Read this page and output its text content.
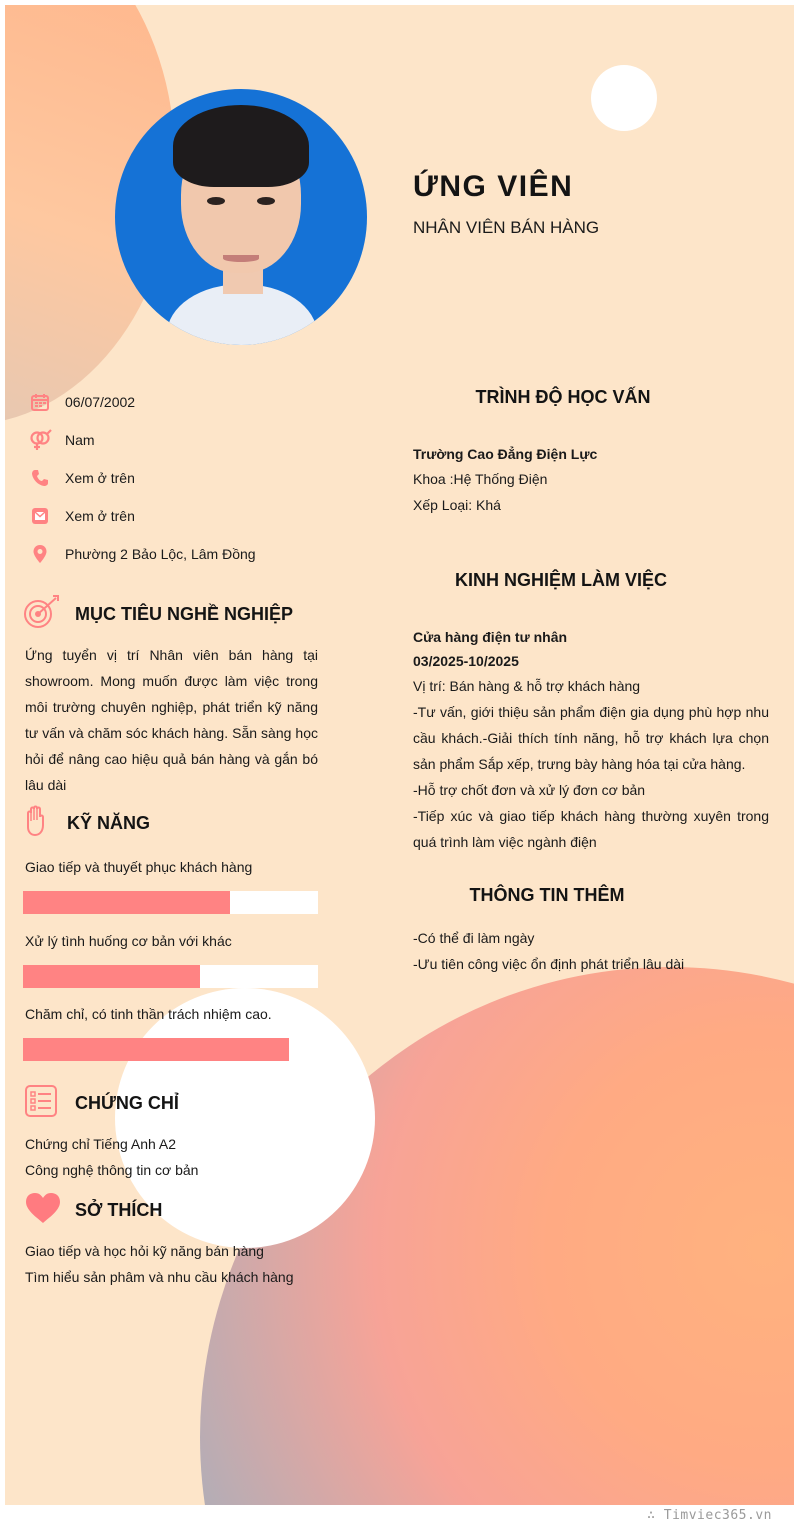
ỨNG VIÊN
NHÂN VIÊN BÁN HÀNG
06/07/2002
Nam
Xem ở trên
Xem ở trên
Phường 2 Bảo Lộc, Lâm Đồng
MỤC TIÊU NGHỀ NGHIỆP
Ứng tuyển vị trí Nhân viên bán hàng tại showroom. Mong muốn được làm việc trong môi trường chuyên nghiệp, phát triển kỹ năng tư vấn và chăm sóc khách hàng. Sẵn sàng học hỏi để nâng cao hiệu quả bán hàng và gắn bó lâu dài
KỸ NĂNG
Giao tiếp và thuyết phục khách hàng
Xử lý tình huống cơ bản với khác
Chăm chỉ, có tinh thần trách nhiệm cao.
CHỨNG CHỈ
Chứng chỉ Tiếng Anh A2
Công nghệ thông tin cơ bản
SỞ THÍCH
Giao tiếp và học hỏi kỹ năng bán hàng
Tìm hiểu sản phâm và nhu cầu khách hàng
TRÌNH ĐỘ HỌC VẤN
Trường Cao Đẳng Điện Lực
Khoa :Hệ Thống Điện
Xếp Loại: Khá
KINH NGHIỆM LÀM VIỆC
Cửa hàng điện tư nhân
03/2025-10/2025
Vị trí: Bán hàng & hỗ trợ khách hàng
-Tư vấn, giới thiệu sản phẩm điện gia dụng phù hợp nhu cầu khách.-Giải thích tính năng, hỗ trợ khách lựa chọn sản phẩm Sắp xếp, trưng bày hàng hóa tại cửa hàng.
-Hỗ trợ chốt đơn và xử lý đơn cơ bản
-Tiếp xúc và giao tiếp khách hàng thường xuyên trong quá trình làm việc ngành điện
THÔNG TIN THÊM
-Có thể đi làm ngày
-Ưu tiên công việc ổn định phát triển lâu dài
∴ Timviec365.vn
